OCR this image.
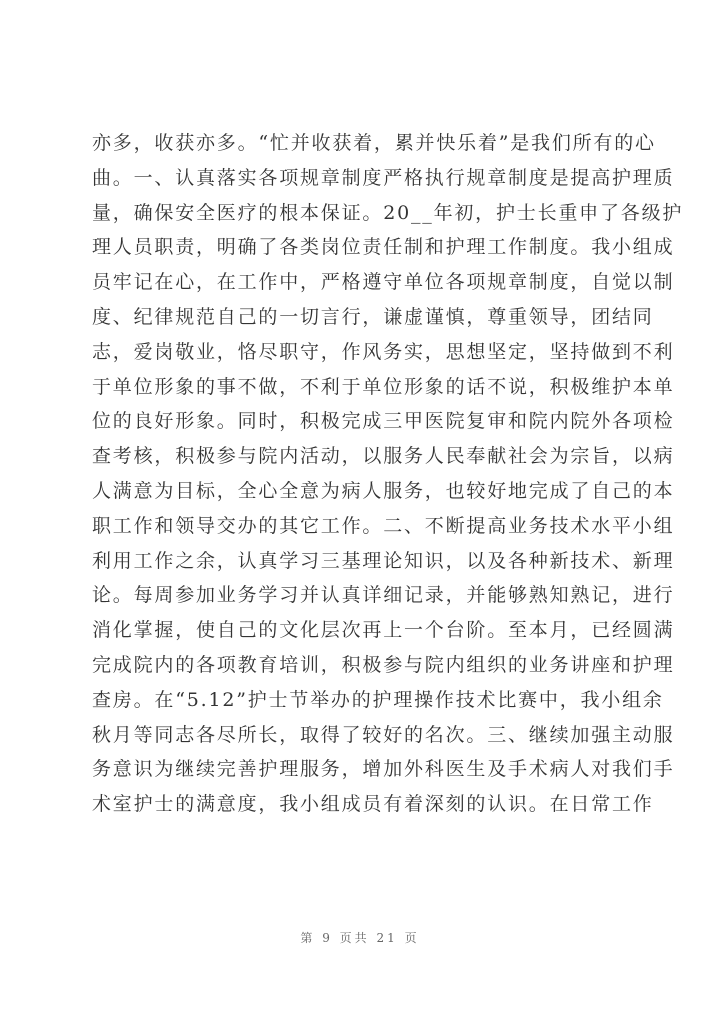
亦多，收获亦多。“忙并收获着，累并快乐着”是我们所有的心
曲。一、认真落实各项规章制度严格执行规章制度是提高护理质
量，确保安全医疗的根本保证。20__年初，护士长重申了各级护
理人员职责，明确了各类岗位责任制和护理工作制度。我小组成
员牢记在心，在工作中，严格遵守单位各项规章制度，自觉以制
度、纪律规范自己的一切言行，谦虚谨慎，尊重领导，团结同
志，爱岗敬业，恪尽职守，作风务实，思想坚定，坚持做到不利
于单位形象的事不做，不利于单位形象的话不说，积极维护本单
位的良好形象。同时，积极完成三甲医院复审和院内院外各项检
查考核，积极参与院内活动，以服务人民奉献社会为宗旨，以病
人满意为目标，全心全意为病人服务，也较好地完成了自己的本
职工作和领导交办的其它工作。二、不断提高业务技术水平小组
利用工作之余，认真学习三基理论知识，以及各种新技术、新理
论。每周参加业务学习并认真详细记录，并能够熟知熟记，进行
消化掌握，使自己的文化层次再上一个台阶。至本月，已经圆满
完成院内的各项教育培训，积极参与院内组织的业务讲座和护理
查房。在“5.12”护士节举办的护理操作技术比赛中，我小组余
秋月等同志各尽所长，取得了较好的名次。三、继续加强主动服
务意识为继续完善护理服务，增加外科医生及手术病人对我们手
术室护士的满意度，我小组成员有着深刻的认识。在日常工作
第 9 页共 21 页
